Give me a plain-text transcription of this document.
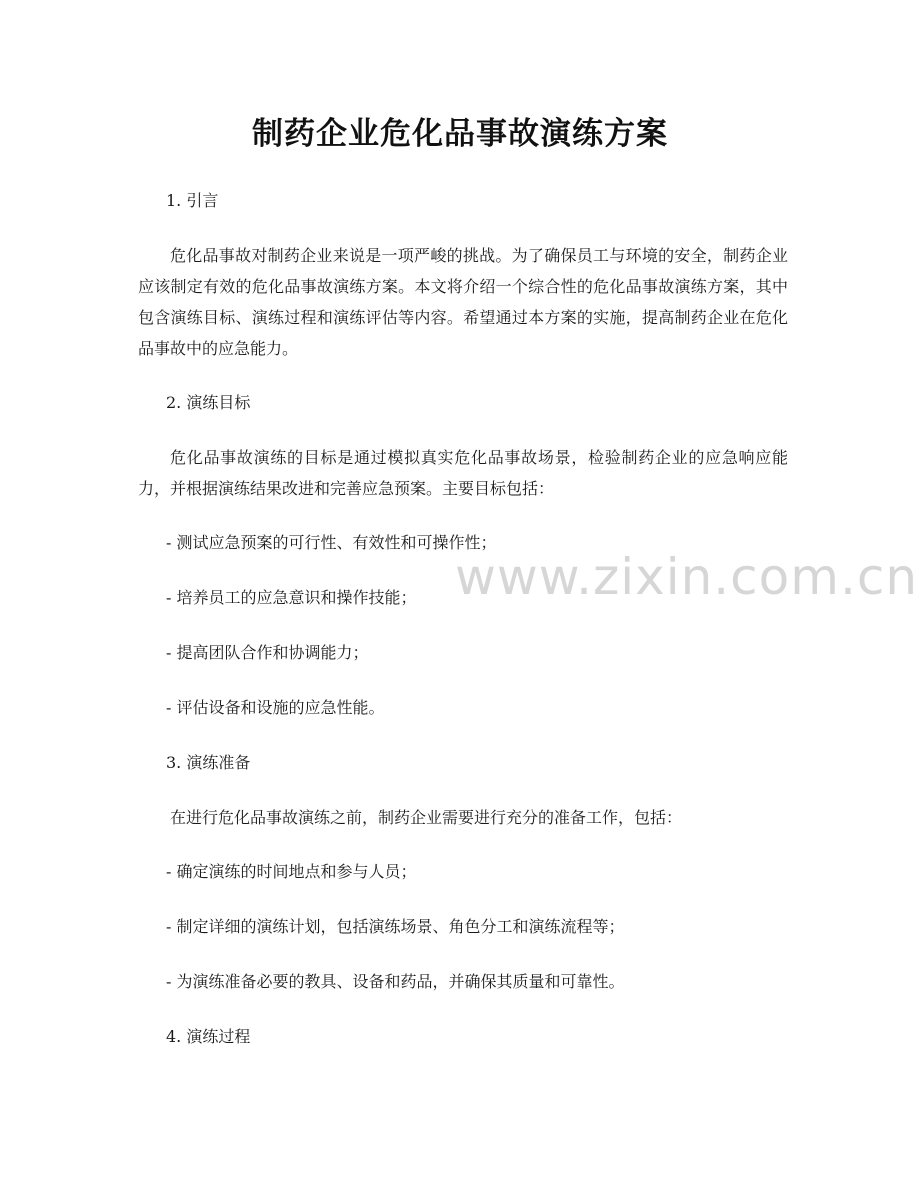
制药企业危化品事故演练方案
1. 引言
危化品事故对制药企业来说是一项严峻的挑战。为了确保员工与环境的安全，制药企业应该制定有效的危化品事故演练方案。本文将介绍一个综合性的危化品事故演练方案，其中包含演练目标、演练过程和演练评估等内容。希望通过本方案的实施，提高制药企业在危化品事故中的应急能力。
2. 演练目标
危化品事故演练的目标是通过模拟真实危化品事故场景，检验制药企业的应急响应能力，并根据演练结果改进和完善应急预案。主要目标包括：
- 测试应急预案的可行性、有效性和可操作性；
- 培养员工的应急意识和操作技能；
- 提高团队合作和协调能力；
- 评估设备和设施的应急性能。
3. 演练准备
在进行危化品事故演练之前，制药企业需要进行充分的准备工作，包括：
- 确定演练的时间地点和参与人员；
- 制定详细的演练计划，包括演练场景、角色分工和演练流程等；
- 为演练准备必要的教具、设备和药品，并确保其质量和可靠性。
4. 演练过程
www.zixin.com.cn
